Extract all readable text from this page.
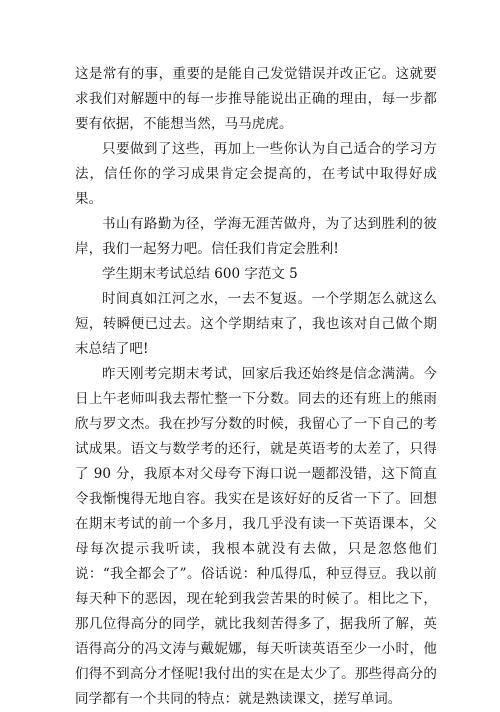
这是常有的事，重要的是能自己发觉错误并改正它。这就要求我们对解题中的每一步推导能说出正确的理由，每一步都要有依据，不能想当然，马马虎虎。

只要做到了这些，再加上一些你认为自己适合的学习方法，信任你的学习成果肯定会提高的，在考试中取得好成果。

书山有路勤为径，学海无涯苦做舟，为了达到胜利的彼岸，我们一起努力吧。信任我们肯定会胜利!

学生期末考试总结 600 字范文 5

时间真如江河之水，一去不复返。一个学期怎么就这么短，转瞬便已过去。这个学期结束了，我也该对自己做个期末总结了吧!

昨天刚考完期末考试，回家后我还始终是信念满满。今日上午老师叫我去帮忙整一下分数。同去的还有班上的熊雨欣与罗文杰。我在抄写分数的时候，我留心了一下自己的考试成果。语文与数学考的还行，就是英语考的太差了，只得了 90 分，我原本对父母夸下海口说一题都没错，这下简直令我惭愧得无地自容。我实在是该好好的反省一下了。回想在期末考试的前一个多月，我几乎没有读一下英语课本，父母每次提示我听读，我根本就没有去做，只是忽悠他们说：“我全都会了”。俗话说：种瓜得瓜，种豆得豆。我以前每天种下的恶因，现在轮到我尝苦果的时候了。相比之下，那几位得高分的同学，就比我刻苦得多了，据我所了解，英语得高分的冯文涛与戴妮娜，每天听读英语至少一小时，他们得不到高分才怪呢!我付出的实在是太少了。那些得高分的同学都有一个共同的特点：就是熟读课文，搓写单词。
